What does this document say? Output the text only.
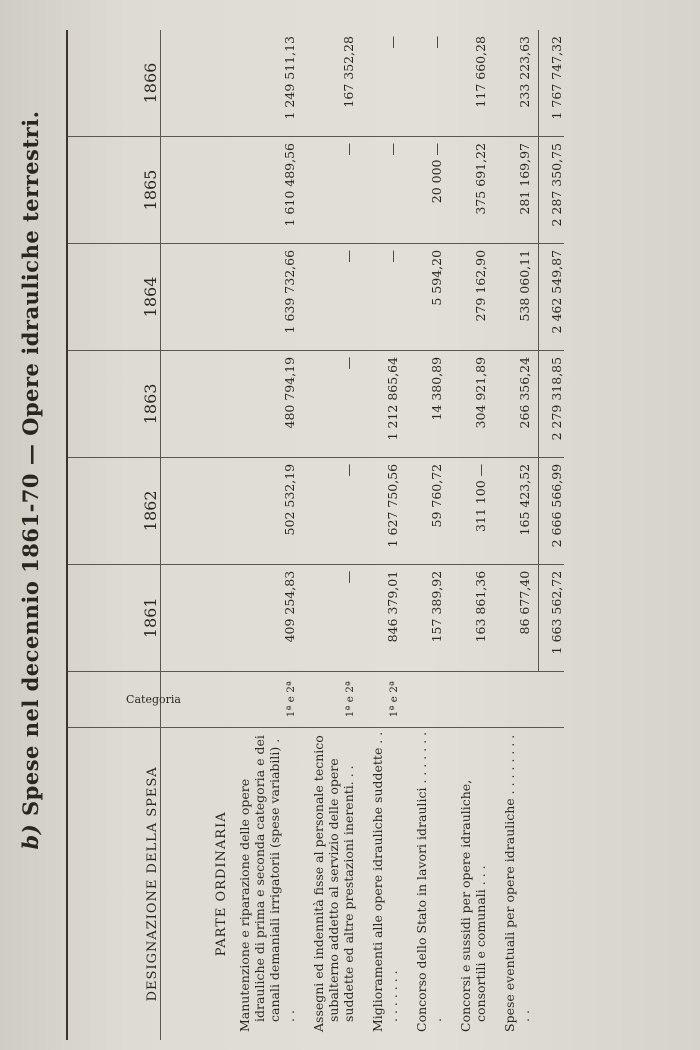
b) Spese nel decennio 1861-70 — Opere idrauliche terrestri.
DESIGNAZIONE DELLA SPESA	Categoria	1861	1862	1863	1864	1865	1866

PARTE ORDINARIA							
Manutenzione e riparazione delle opere idrauliche di prima e seconda categoria e dei canali demaniali irrigatorii (spese variabili) . . .	1ª e 2ª	409 254,83	502 532,19	480 794,19	1 639 732,66	1 610 489,56	1 249 511,13
Assegni ed indennità fisse al personale tecnico subalterno addetto al servizio delle opere suddette ed altre prestazioni inerenti. . .	1ª e 2ª	—	—	—	—	—	167 352,28
Miglioramenti alle opere idrauliche suddette . . . . . . . . .	1ª e 2ª	846 379,01	1 627 750,56	1 212 865,64	—	—	—
Concorso dello Stato in lavori idraulici . . . . . . . .		157 389,92	59 760,72	14 380,89	5 594,20	20 000 —	—
Concorsi e sussidi per opere idrauliche, consortili e comunali . . .		163 861,36	311 100 —	304 921,89	279 162,90	375 691,22	117 660,28
Spese eventuali per opere idrauliche . . . . . . . . . .		86 677,40	165 423,52	266 356,24	538 060,11	281 169,97	233 223,63
		1 663 562,72	2 666 566,99	2 279 318,85	2 462 549,87	2 287 350,75	1 767 747,32
